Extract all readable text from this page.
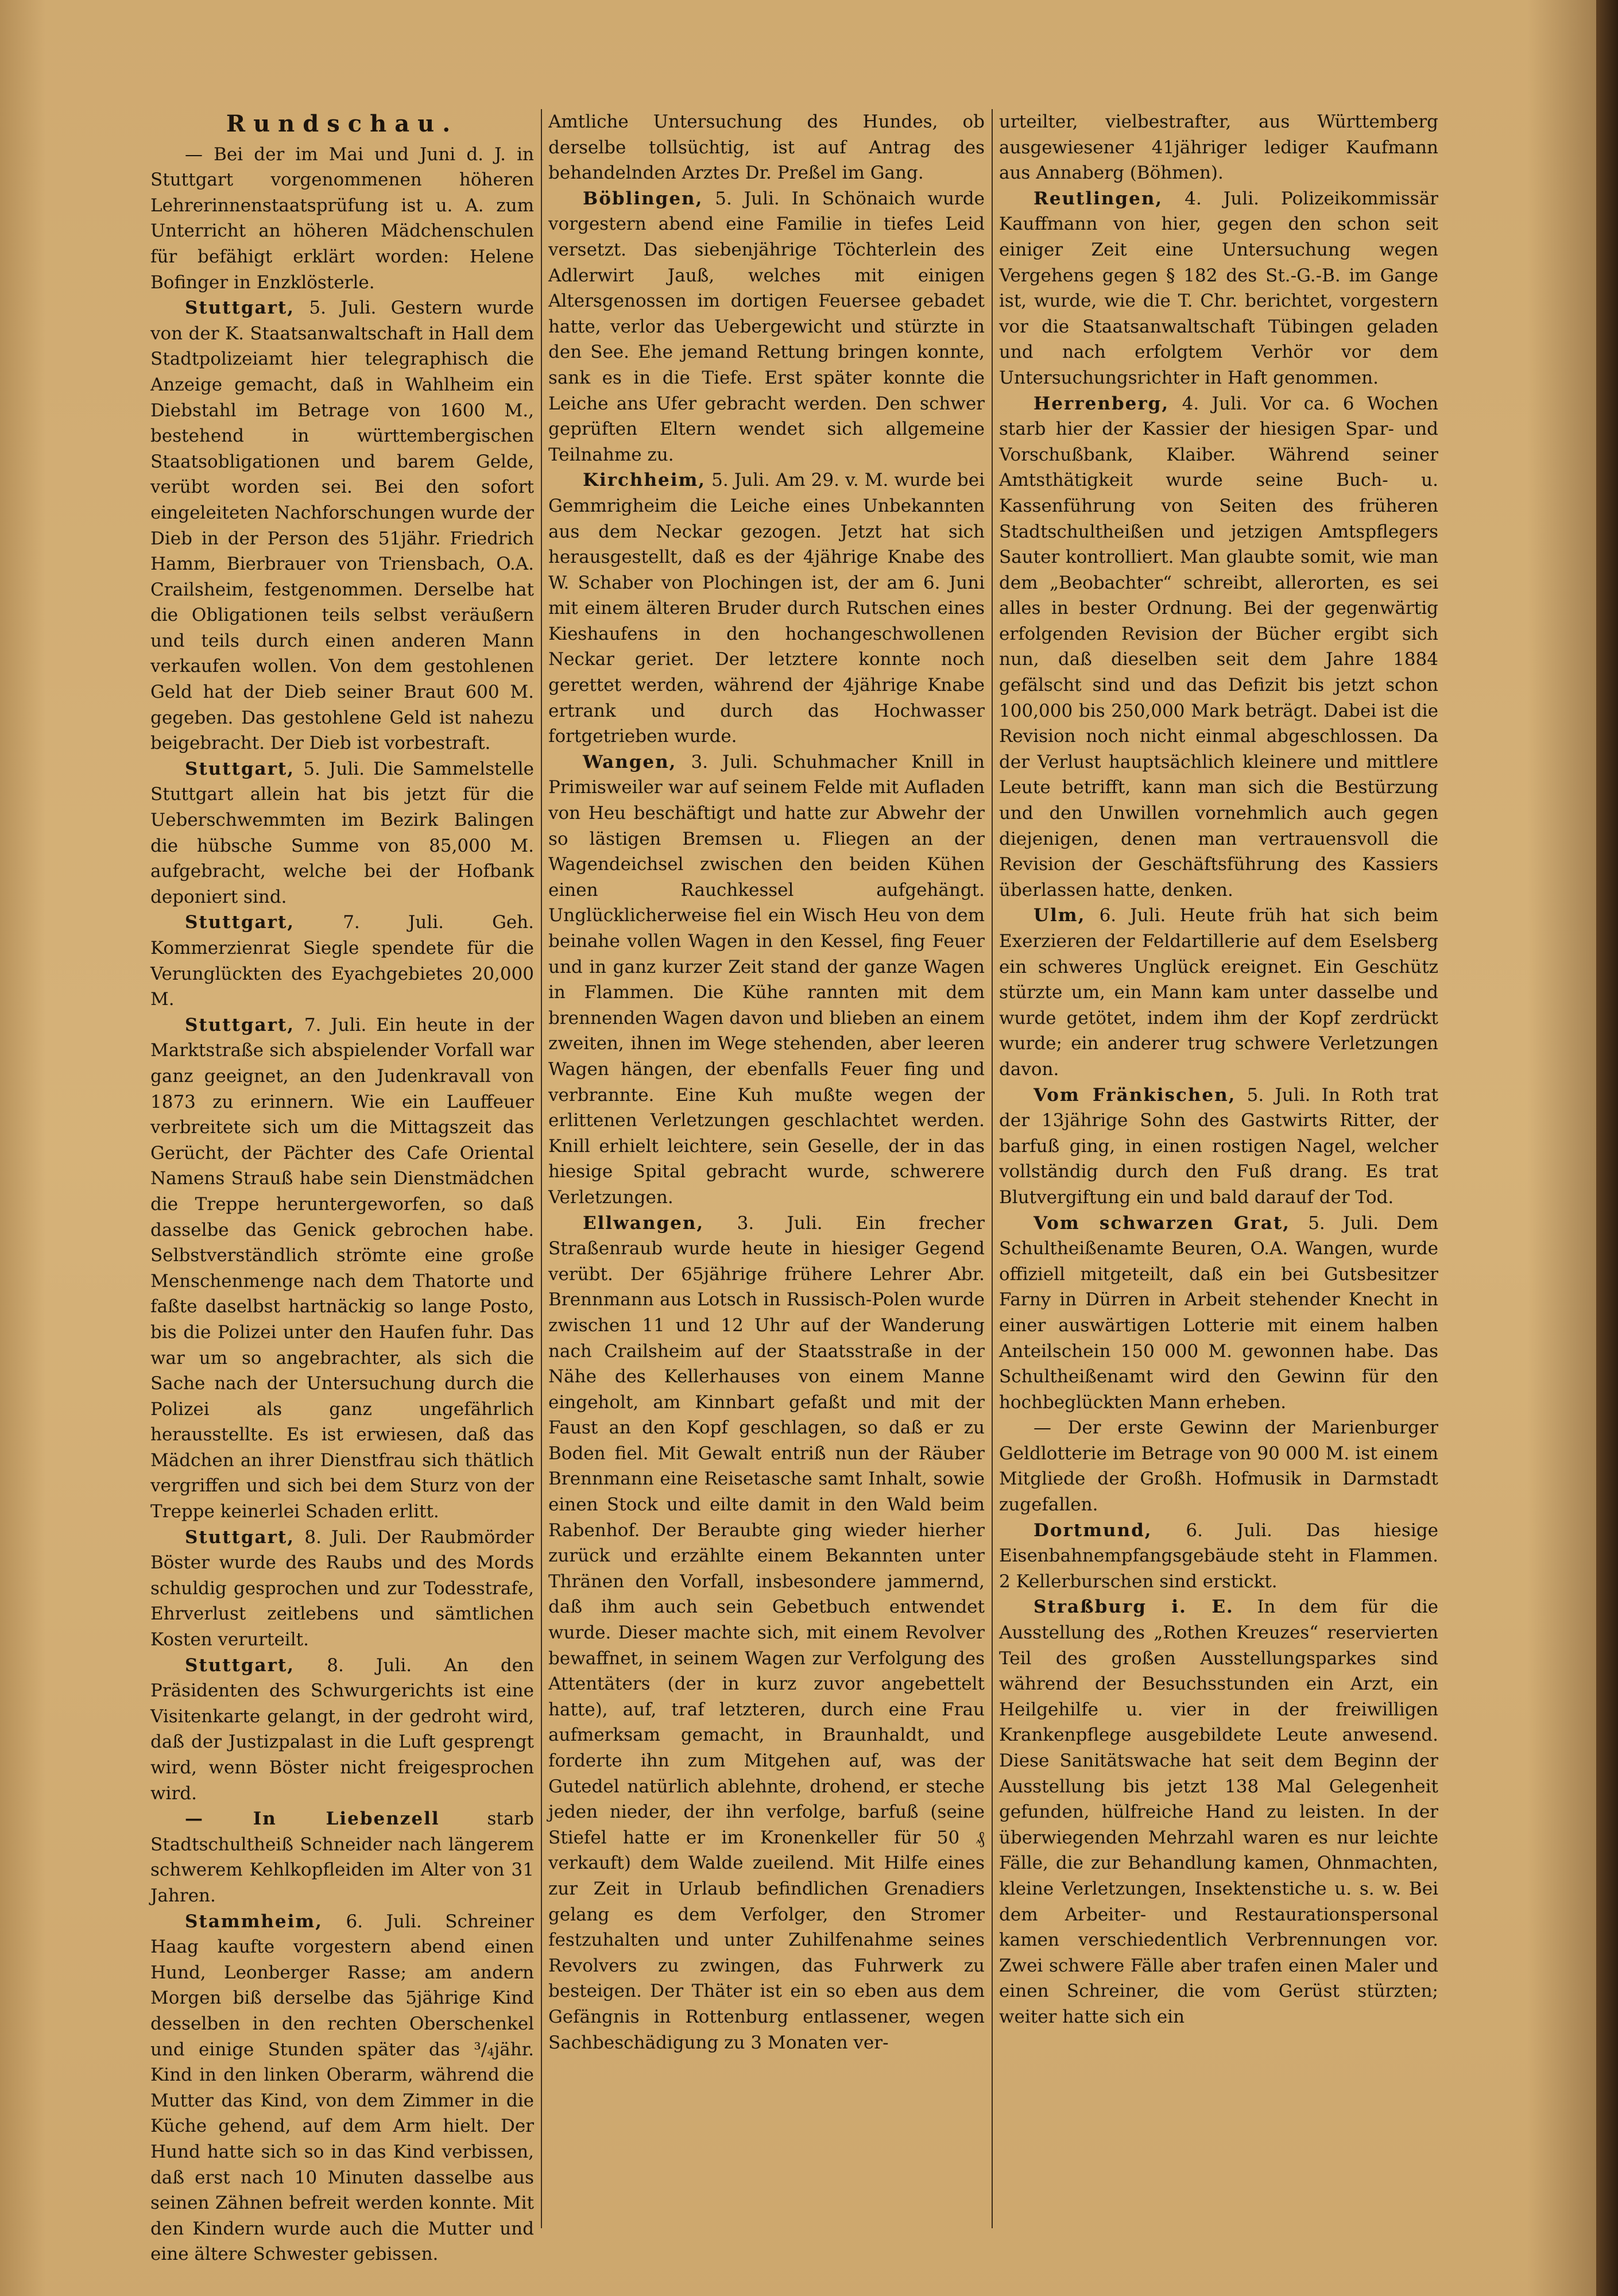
Rundschau.

— Bei der im Mai und Juni d. J. in Stuttgart vorgenommenen höheren Lehrerinnenstaatsprüfung ist u. A. zum Unterricht an höheren Mädchenschulen für befähigt erklärt worden: Helene Bofinger in Enzklösterle.

Stuttgart, 5. Juli. Gestern wurde von der K. Staatsanwaltschaft in Hall dem Stadtpolizeiamt hier telegraphisch die Anzeige gemacht, daß in Wahlheim ein Diebstahl im Betrage von 1600 M., bestehend in württembergischen Staatsobligationen und barem Gelde, verübt worden sei. Bei den sofort eingeleiteten Nachforschungen wurde der Dieb in der Person des 51jähr. Friedrich Hamm, Bierbrauer von Triensbach, O.A. Crailsheim, festgenommen. Derselbe hat die Obligationen teils selbst veräußern und teils durch einen anderen Mann verkaufen wollen. Von dem gestohlenen Geld hat der Dieb seiner Braut 600 M. gegeben. Das gestohlene Geld ist nahezu beigebracht. Der Dieb ist vorbestraft.

Stuttgart, 5. Juli. Die Sammelstelle Stuttgart allein hat bis jetzt für die Ueberschwemmten im Bezirk Balingen die hübsche Summe von 85,000 M. aufgebracht, welche bei der Hofbank deponiert sind.

Stuttgart,	7. Juli. Geh. Kommerzienrat Siegle spendete für die Verunglückten des Eyachgebietes 20,000 M.

Stuttgart, 7. Juli. Ein heute in der Marktstraße sich abspielender Vorfall war ganz geeignet, an den Judenkravall von 1873 zu erinnern. Wie ein Lauffeuer verbreitete sich um die Mittagszeit das Gerücht, der Pächter des Cafe Oriental Namens Strauß habe sein Dienstmädchen die Treppe heruntergeworfen, so daß dasselbe das Genick gebrochen habe. Selbstverständlich strömte eine große Menschenmenge nach dem Thatorte und faßte daselbst hartnäckig so lange Posto, bis die Polizei unter den Haufen fuhr. Das war um so angebrachter, als sich die Sache nach der Untersuchung durch die Polizei als ganz ungefährlich herausstellte. Es ist erwiesen, daß das Mädchen an ihrer Dienstfrau sich thätlich vergriffen und sich bei dem Sturz von der Treppe keinerlei Schaden erlitt.

Stuttgart, 8. Juli. Der Raubmörder Böster wurde des Raubs und des Mords schuldig gesprochen und zur Todesstrafe, Ehrverlust zeitlebens und sämtlichen Kosten verurteilt.

Stuttgart, 8. Juli. An den Präsidenten des Schwurgerichts ist eine Visitenkarte gelangt, in der gedroht wird, daß der Justizpalast in die Luft gesprengt wird, wenn Böster nicht freigesprochen wird.

— In Liebenzell	starb Stadtschultheiß Schneider nach längerem schwerem Kehlkopfleiden im Alter von 31 Jahren.

Stammheim, 6. Juli. Schreiner Haag kaufte vorgestern abend einen Hund, Leonberger Rasse; am andern Morgen biß derselbe das 5jährige Kind desselben in den rechten Oberschenkel und einige Stunden später das ³/₄jähr. Kind in den linken Oberarm, während die Mutter das Kind, von dem Zimmer in die Küche gehend, auf dem Arm hielt. Der Hund hatte sich so in das Kind verbissen, daß erst nach 10 Minuten dasselbe aus seinen Zähnen befreit werden konnte. Mit den Kindern wurde auch die Mutter und eine ältere Schwester gebissen.

Amtliche Untersuchung des Hundes, ob derselbe tollsüchtig, ist auf Antrag des behandelnden Arztes Dr. Preßel im Gang.

Böblingen, 5. Juli. In Schönaich wurde vorgestern abend eine Familie in tiefes Leid versetzt. Das siebenjährige Töchterlein des Adlerwirt Jauß, welches mit einigen Altersgenossen im dortigen Feuersee gebadet hatte, verlor das Uebergewicht und stürzte in den See. Ehe jemand Rettung bringen konnte, sank es in die Tiefe. Erst später konnte die Leiche ans Ufer gebracht werden. Den schwer geprüften Eltern wendet sich allgemeine Teilnahme zu.

Kirchheim, 5. Juli. Am 29. v. M. wurde bei Gemmrigheim die Leiche eines Unbekannten aus dem Neckar gezogen. Jetzt hat sich herausgestellt, daß es der 4jährige Knabe des W. Schaber von Plochingen ist, der am 6. Juni mit einem älteren Bruder durch Rutschen eines Kieshaufens in den hochangeschwollenen Neckar geriet. Der letztere konnte noch gerettet werden, während der 4jährige Knabe ertrank und durch das Hochwasser fortgetrieben wurde.

Wangen, 3. Juli. Schuhmacher Knill in Primisweiler war auf seinem Felde mit Aufladen von Heu beschäftigt und hatte zur Abwehr der so lästigen Bremsen u. Fliegen an der Wagendeichsel zwischen den beiden Kühen einen Rauchkessel aufgehängt. Unglücklicherweise fiel ein Wisch Heu von dem beinahe vollen Wagen in den Kessel, fing Feuer und in ganz kurzer Zeit stand der ganze Wagen in Flammen. Die Kühe rannten mit dem brennenden Wagen davon und blieben an einem zweiten, ihnen im Wege stehenden, aber leeren Wagen hängen, der ebenfalls Feuer fing und verbrannte. Eine Kuh mußte wegen der erlittenen Verletzungen geschlachtet werden. Knill erhielt leichtere, sein Geselle, der in das hiesige Spital gebracht wurde, schwerere Verletzungen.

Ellwangen, 3. Juli. Ein frecher Straßenraub wurde heute in hiesiger Gegend verübt. Der 65jährige frühere Lehrer Abr. Brennmann aus Lotsch in Russisch-Polen wurde zwischen 11 und 12 Uhr auf der Wanderung nach Crailsheim auf der Staatsstraße in der Nähe des Kellerhauses von einem Manne eingeholt, am Kinnbart gefaßt und mit der Faust an den Kopf geschlagen, so daß er zu Boden fiel. Mit Gewalt entriß nun der Räuber Brennmann eine Reisetasche samt Inhalt, sowie einen Stock und eilte damit in den Wald beim Rabenhof. Der Beraubte ging wieder hierher zurück und erzählte einem Bekannten unter Thränen den Vorfall, insbesondere jammernd, daß ihm auch sein Gebetbuch entwendet wurde. Dieser machte sich, mit einem Revolver bewaffnet, in seinem Wagen zur Verfolgung des Attentäters (der in kurz zuvor angebettelt hatte), auf, traf letzteren, durch eine Frau aufmerksam gemacht, in Braunhaldt, und forderte ihn zum Mitgehen auf, was der Gutedel natürlich ablehnte, drohend, er steche jeden nieder, der ihn verfolge, barfuß (seine Stiefel hatte er im Kronenkeller für 50 ₰ verkauft) dem Walde zueilend. Mit Hilfe eines zur Zeit in Urlaub befindlichen Grenadiers gelang es dem Verfolger, den Stromer festzuhalten und unter Zuhilfenahme seines Revolvers zu zwingen, das Fuhrwerk zu besteigen. Der Thäter ist ein so eben aus dem Gefängnis in Rottenburg entlassener, wegen Sachbeschädigung zu 3 Monaten ver-

urteilter, vielbestrafter, aus Württemberg ausgewiesener 41jähriger lediger Kaufmann aus Annaberg (Böhmen).

Reutlingen, 4. Juli. Polizeikommissär Kauffmann von hier, gegen den schon seit einiger Zeit eine Untersuchung wegen Vergehens gegen § 182 des St.-G.-B. im Gange ist, wurde, wie die T. Chr. berichtet, vorgestern vor die Staatsanwaltschaft Tübingen geladen und nach erfolgtem Verhör vor dem Untersuchungsrichter in Haft genommen.

Herrenberg, 4. Juli. Vor ca. 6 Wochen starb hier der Kassier der hiesigen Spar- und Vorschußbank, Klaiber. Während seiner Amtsthätigkeit wurde seine Buch- u. Kassenführung von Seiten des früheren Stadtschultheißen und jetzigen Amtspflegers Sauter kontrolliert. Man glaubte somit, wie man dem „Beobachter“ schreibt, allerorten, es sei alles in bester Ordnung. Bei der gegenwärtig erfolgenden Revision der Bücher ergibt sich nun, daß dieselben seit dem Jahre 1884 gefälscht sind und das Defizit bis jetzt schon 100,000 bis 250,000 Mark beträgt. Dabei ist die Revision noch nicht einmal abgeschlossen. Da der Verlust hauptsächlich kleinere und mittlere Leute betrifft, kann man sich die Bestürzung und den Unwillen vornehmlich auch gegen diejenigen, denen man vertrauensvoll die Revision der Geschäftsführung des Kassiers überlassen hatte, denken.

Ulm, 6. Juli. Heute früh hat sich beim Exerzieren der Feldartillerie auf dem Eselsberg ein schweres Unglück ereignet. Ein Geschütz stürzte um, ein Mann kam unter dasselbe und wurde getötet, indem ihm der Kopf zerdrückt wurde; ein anderer trug schwere Verletzungen davon.

Vom Fränkischen, 5. Juli. In Roth trat der 13jährige Sohn des Gastwirts Ritter, der barfuß ging, in einen rostigen Nagel, welcher vollständig durch den Fuß drang. Es trat Blutvergiftung ein und bald darauf der Tod.

Vom schwarzen Grat, 5. Juli. Dem Schultheißenamte Beuren, O.A. Wangen, wurde offiziell mitgeteilt, daß ein bei Gutsbesitzer Farny in Dürren in Arbeit stehender Knecht in einer auswärtigen Lotterie mit einem halben Anteilschein 150 000 M. gewonnen habe. Das Schultheißenamt wird den Gewinn für den hochbeglückten Mann erheben.

— Der erste Gewinn der Marienburger Geldlotterie im Betrage von 90 000 M. ist einem Mitgliede der Großh. Hofmusik in Darmstadt zugefallen.

Dortmund, 6. Juli. Das hiesige Eisenbahnempfangsgebäude steht in Flammen. 2 Kellerburschen sind erstickt.

Straßburg i. E. In dem für die Ausstellung des „Rothen Kreuzes“ reservierten Teil des großen Ausstellungsparkes sind während der Besuchsstunden ein Arzt, ein Heilgehilfe u. vier in der freiwilligen Krankenpflege ausgebildete Leute anwesend. Diese Sanitätswache hat seit dem Beginn der Ausstellung bis jetzt 138 Mal Gelegenheit gefunden, hülfreiche Hand zu leisten. In der überwiegenden Mehrzahl waren es nur leichte Fälle, die zur Behandlung kamen, Ohnmachten, kleine Verletzungen, Insektenstiche u. s. w. Bei dem Arbeiter- und Restaurationspersonal kamen verschiedentlich Verbrennungen vor. Zwei schwere Fälle aber trafen einen Maler und einen Schreiner, die vom Gerüst stürzten; weiter hatte sich ein
